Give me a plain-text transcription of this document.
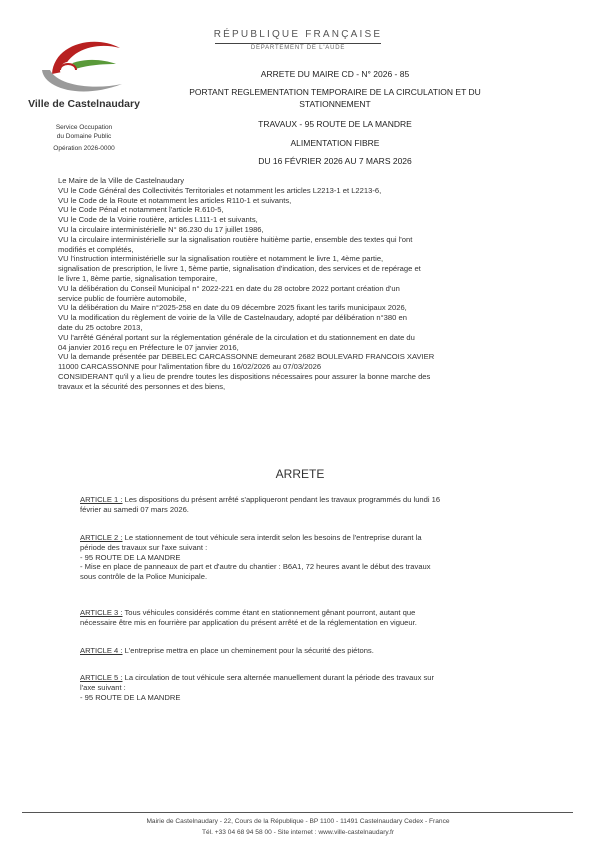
Ville de Castelnaudary
Service Occupation
du Domaine Public
Opération 2026-0000
RÉPUBLIQUE FRANÇAISE
DÉPARTEMENT DE L'AUDE
ARRETE DU MAIRE CD - N° 2026 - 85
PORTANT REGLEMENTATION TEMPORAIRE DE LA CIRCULATION ET DU
STATIONNEMENT
TRAVAUX - 95 ROUTE DE LA MANDRE
ALIMENTATION FIBRE
DU 16 FÉVRIER 2026 AU 7 MARS 2026
Le Maire de la Ville de Castelnaudary
VU le Code Général des Collectivités Territoriales et notamment les articles L2213-1 et L2213-6,
VU le Code de la Route et notamment les articles R110-1 et suivants,
VU le Code Pénal et notamment l'article R.610-5,
VU le Code de la Voirie routière, articles L111-1 et suivants,
VU la circulaire interministérielle N° 86.230 du 17 juillet 1986,
VU la circulaire interministérielle sur la signalisation routière huitième partie, ensemble des textes qui l'ont
modifiés et complétés,
VU l'instruction interministérielle sur la signalisation routière et notamment le livre 1, 4ème partie,
signalisation de prescription, le livre 1, 5ème partie, signalisation d'indication, des services et de repérage et
le livre 1, 8ème partie, signalisation temporaire,
VU la délibération du Conseil Municipal n° 2022-221 en date du 28 octobre 2022 portant création d'un
service public de fourrière automobile,
VU la délibération du Maire n°2025-258 en date du 09 décembre 2025 fixant les tarifs municipaux 2026,
VU la modification du règlement de voirie de la Ville de Castelnaudary, adopté par délibération n°380 en
date du 25 octobre 2013,
VU l'arrêté Général portant sur la réglementation générale de la circulation et du stationnement en date du
04 janvier 2016 reçu en Préfecture le 07 janvier 2016,
VU la demande présentée par DEBELEC CARCASSONNE demeurant 2682 BOULEVARD FRANCOIS XAVIER
11000 CARCASSONNE pour l'alimentation fibre du 16/02/2026 au 07/03/2026
CONSIDERANT qu'il y a lieu de prendre toutes les dispositions nécessaires pour assurer la bonne marche des
travaux et la sécurité des personnes et des biens,
ARRETE
ARTICLE 1 : Les dispositions du présent arrêté s'appliqueront pendant les travaux programmés du lundi 16
février au samedi 07 mars 2026.
ARTICLE 2 : Le stationnement de tout véhicule sera interdit selon les besoins de l'entreprise durant la
période des travaux sur l'axe suivant :
- 95 ROUTE DE LA MANDRE
- Mise en place de panneaux de part et d'autre du chantier : B6A1, 72 heures avant le début des travaux
sous contrôle de la Police Municipale.
ARTICLE 3 : Tous véhicules considérés comme étant en stationnement gênant pourront, autant que
nécessaire être mis en fourrière par application du présent arrêté et de la réglementation en vigueur.
ARTICLE 4 : L'entreprise mettra en place un cheminement pour la sécurité des piétons.
ARTICLE 5 : La circulation de tout véhicule sera alternée manuellement durant la période des travaux sur
l'axe suivant :
- 95 ROUTE DE LA MANDRE
Mairie de Castelnaudary - 22, Cours de la République - BP 1100 - 11491 Castelnaudary Cedex - France
Tél. +33 04 68 94 58 00 - Site internet : www.ville-castelnaudary.fr
